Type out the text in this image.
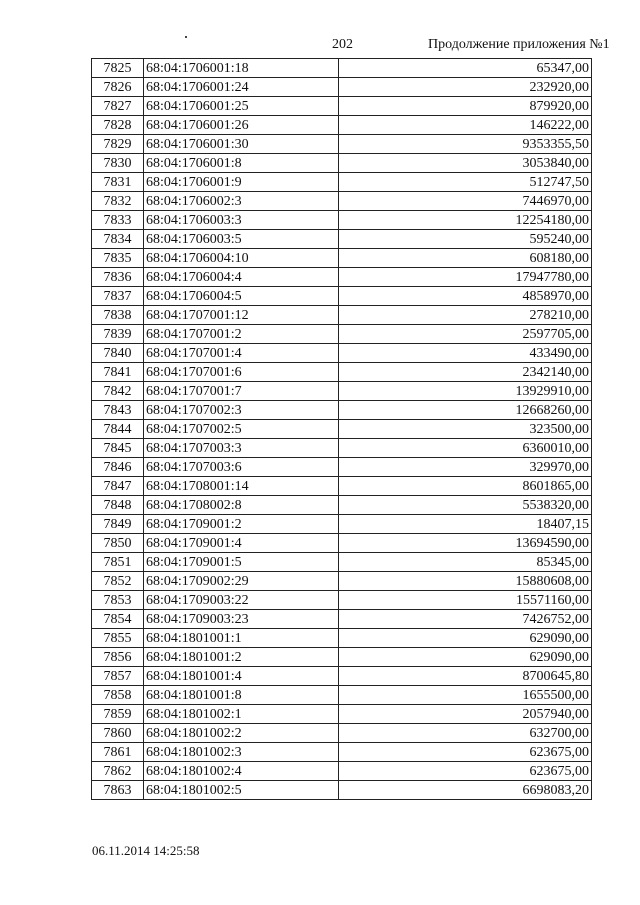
202	Продолжение приложения №1
7825	68:04:1706001:18	65347,00
7826	68:04:1706001:24	232920,00
7827	68:04:1706001:25	879920,00
7828	68:04:1706001:26	146222,00
7829	68:04:1706001:30	9353355,50
7830	68:04:1706001:8	3053840,00
7831	68:04:1706001:9	512747,50
7832	68:04:1706002:3	7446970,00
7833	68:04:1706003:3	12254180,00
7834	68:04:1706003:5	595240,00
7835	68:04:1706004:10	608180,00
7836	68:04:1706004:4	17947780,00
7837	68:04:1706004:5	4858970,00
7838	68:04:1707001:12	278210,00
7839	68:04:1707001:2	2597705,00
7840	68:04:1707001:4	433490,00
7841	68:04:1707001:6	2342140,00
7842	68:04:1707001:7	13929910,00
7843	68:04:1707002:3	12668260,00
7844	68:04:1707002:5	323500,00
7845	68:04:1707003:3	6360010,00
7846	68:04:1707003:6	329970,00
7847	68:04:1708001:14	8601865,00
7848	68:04:1708002:8	5538320,00
7849	68:04:1709001:2	18407,15
7850	68:04:1709001:4	13694590,00
7851	68:04:1709001:5	85345,00
7852	68:04:1709002:29	15880608,00
7853	68:04:1709003:22	15571160,00
7854	68:04:1709003:23	7426752,00
7855	68:04:1801001:1	629090,00
7856	68:04:1801001:2	629090,00
7857	68:04:1801001:4	8700645,80
7858	68:04:1801001:8	1655500,00
7859	68:04:1801002:1	2057940,00
7860	68:04:1801002:2	632700,00
7861	68:04:1801002:3	623675,00
7862	68:04:1801002:4	623675,00
7863	68:04:1801002:5	6698083,20
06.11.2014 14:25:58
